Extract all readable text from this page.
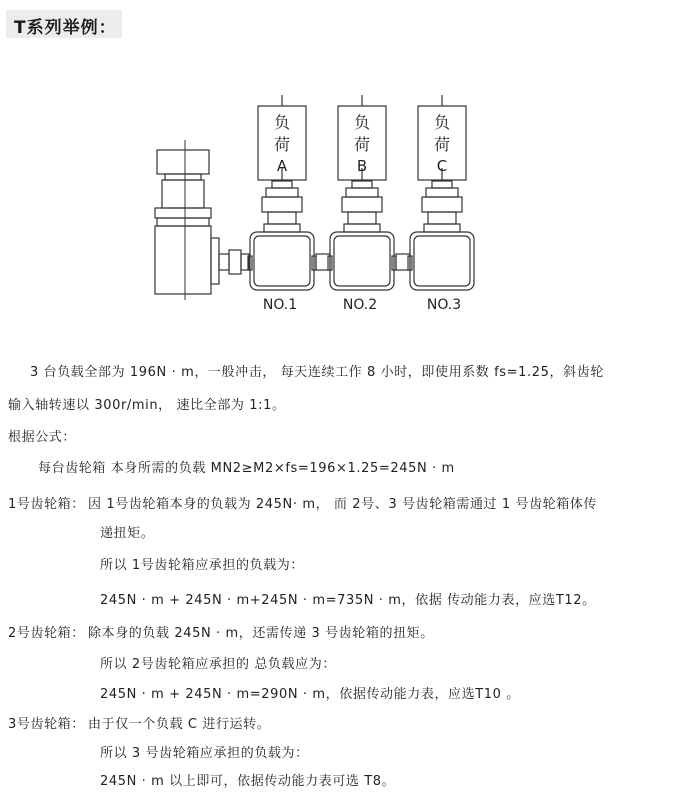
T系列举例：
负
荷
A
负
荷
B
负
荷
C
NO.1	NO.2	NO.3
3 台负载全部为 196N · m，一般冲击， 每天连续工作 8 小时，即使用系数 fs=1.25，斜齿轮
输入轴转速以 300r/min， 速比全部为 1:1。
根据公式：
每台齿轮箱 本身所需的负载 MN2≥M2×fs=196×1.25=245N · m
1号齿轮箱： 因 1号齿轮箱本身的负载为 245N· m， 而 2号、3 号齿轮箱需通过 1 号齿轮箱体传
递扭矩。
所以 1号齿轮箱应承担的负载为：
245N · m + 245N · m+245N · m=735N · m，依据 传动能力表，应选T12。
2号齿轮箱： 除本身的负载 245N · m，还需传递 3 号齿轮箱的扭矩。
所以 2号齿轮箱应承担的 总负载应为：
245N · m + 245N · m=290N · m，依据传动能力表，应选T10 。
3号齿轮箱： 由于仅一个负载 C 进行运转。
所以 3 号齿轮箱应承担的负载为：
245N · m 以上即可，依据传动能力表可选 T8。
